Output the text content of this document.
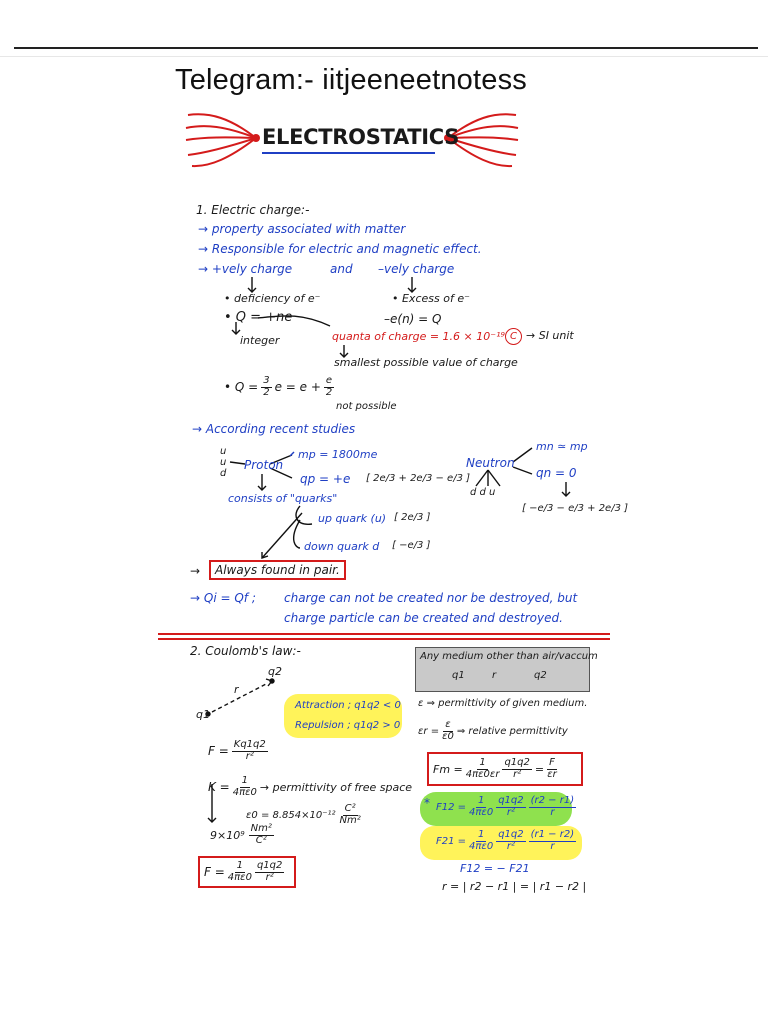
Telegram:- iitjeeneetnotess
ELECTROSTATICS
1. Electric charge:-
→ property associated with matter
→ Responsible for electric and magnetic effect.
→ +vely charge	and –vely charge
• deficiency of e⁻	• Excess of e⁻
• Q = +ne	–e(n) = Q
integer	quanta of charge = 1.6 × 10⁻¹⁹ C → SI unit
smallest possible value of charge
• $Q = \frac{3}{2}$ $e = e + \frac{e}{2}$
not possible
→ According recent studies
u
u
d
Proton
mp = 1800me
qp = +e [ 2e/3 + 2e/3 − e/3 ]
consists of "quarks"
up quark (u) [ 2e/3 ]
down quark d [ −e/3 ]
Neutron
mn ≃ mp
qn = 0
d d u
[ −e/3 − e/3 + 2e/3 ]
→	Always found in pair.
→ Qi = Qf ; charge can not be created nor be destroyed, but
charge particle can be created and destroyed.
2. Coulomb's law:-
q1
q2
r
Attraction ; q1q2 < 0
Repulsion ; q1q2 > 0
Any medium other than air/vaccum
q1	r	q2
ε ⇒ permittivity of given medium.
$\varepsilon r = \frac{\varepsilon}{\varepsilon 0}$ ⇒ relative permittivity
$F = \frac{Kq1q2}{\text{r²}}$
$K = \frac{1}{4\pi\varepsilon 0}$ → permittivity of free space
$\varepsilon 0 = 8.854\times 10^{-12} \frac{\text{C²}}{\text{Nm²}}$
$9\times 10^9 \frac{\text{Nm²}}{\text{C²}}$
$F = \frac{1}{4\pi\varepsilon 0} \frac{q1q2}{\text{r²}}$
$Fm = \frac{1}{4\pi\varepsilon 0\varepsilon r} \frac{q1q2}{\text{r²}} = \frac{F}{\varepsilon r}$
* $F12 = \frac{1}{4\pi\varepsilon 0} \frac{q1q2}{\text{r²}} \frac{(r2 - r1)}{r}$
$F21 = \frac{1}{4\pi\varepsilon 0} \frac{q1q2}{\text{r²}} \frac{(r1 - r2)}{r}$
F12 = − F21
r = | r2 − r1 | = | r1 − r2 |
